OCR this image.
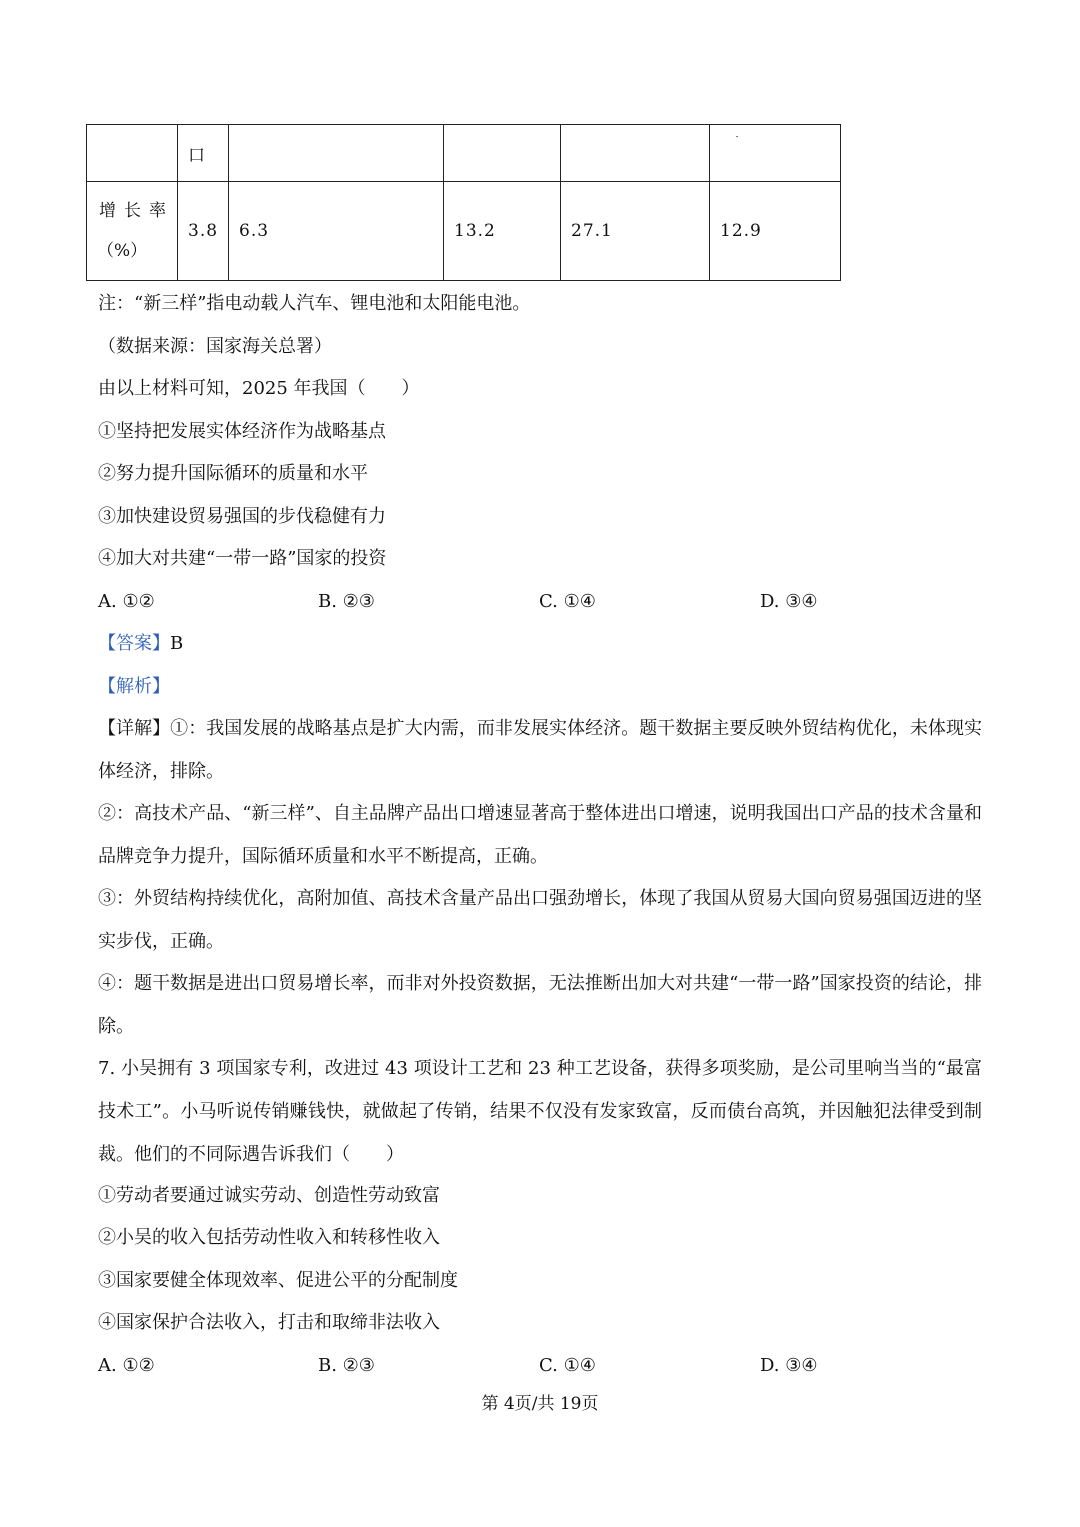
	口				

增长率
（%）	3.8	6.3	13.2	27.1	12.9
注：“新三样”指电动载人汽车、锂电池和太阳能电池。
（数据来源：国家海关总署）
由以上材料可知，2025 年我国（　　）
①坚持把发展实体经济作为战略基点
②努力提升国际循环的质量和水平
③加快建设贸易强国的步伐稳健有力
④加大对共建“一带一路”国家的投资
A. ①②	B. ②③	C. ①④	D. ③④
【答案】B
【解析】
【详解】①：我国发展的战略基点是扩大内需，而非发展实体经济。题干数据主要反映外贸结构优化，未体现实体经济，排除。
②：高技术产品、“新三样”、自主品牌产品出口增速显著高于整体进出口增速，说明我国出口产品的技术含量和品牌竞争力提升，国际循环质量和水平不断提高，正确。
③：外贸结构持续优化，高附加值、高技术含量产品出口强劲增长，体现了我国从贸易大国向贸易强国迈进的坚实步伐，正确。
④：题干数据是进出口贸易增长率，而非对外投资数据，无法推断出加大对共建“一带一路”国家投资的结论，排除。
7. 小吴拥有 3 项国家专利，改进过 43 项设计工艺和 23 种工艺设备，获得多项奖励，是公司里响当当的“最富技术工”。小马听说传销赚钱快，就做起了传销，结果不仅没有发家致富，反而债台高筑，并因触犯法律受到制裁。他们的不同际遇告诉我们（　　）
①劳动者要通过诚实劳动、创造性劳动致富
②小吴的收入包括劳动性收入和转移性收入
③国家要健全体现效率、促进公平的分配制度
④国家保护合法收入，打击和取缔非法收入
A. ①②	B. ②③	C. ①④	D. ③④
第 4页/共 19页
